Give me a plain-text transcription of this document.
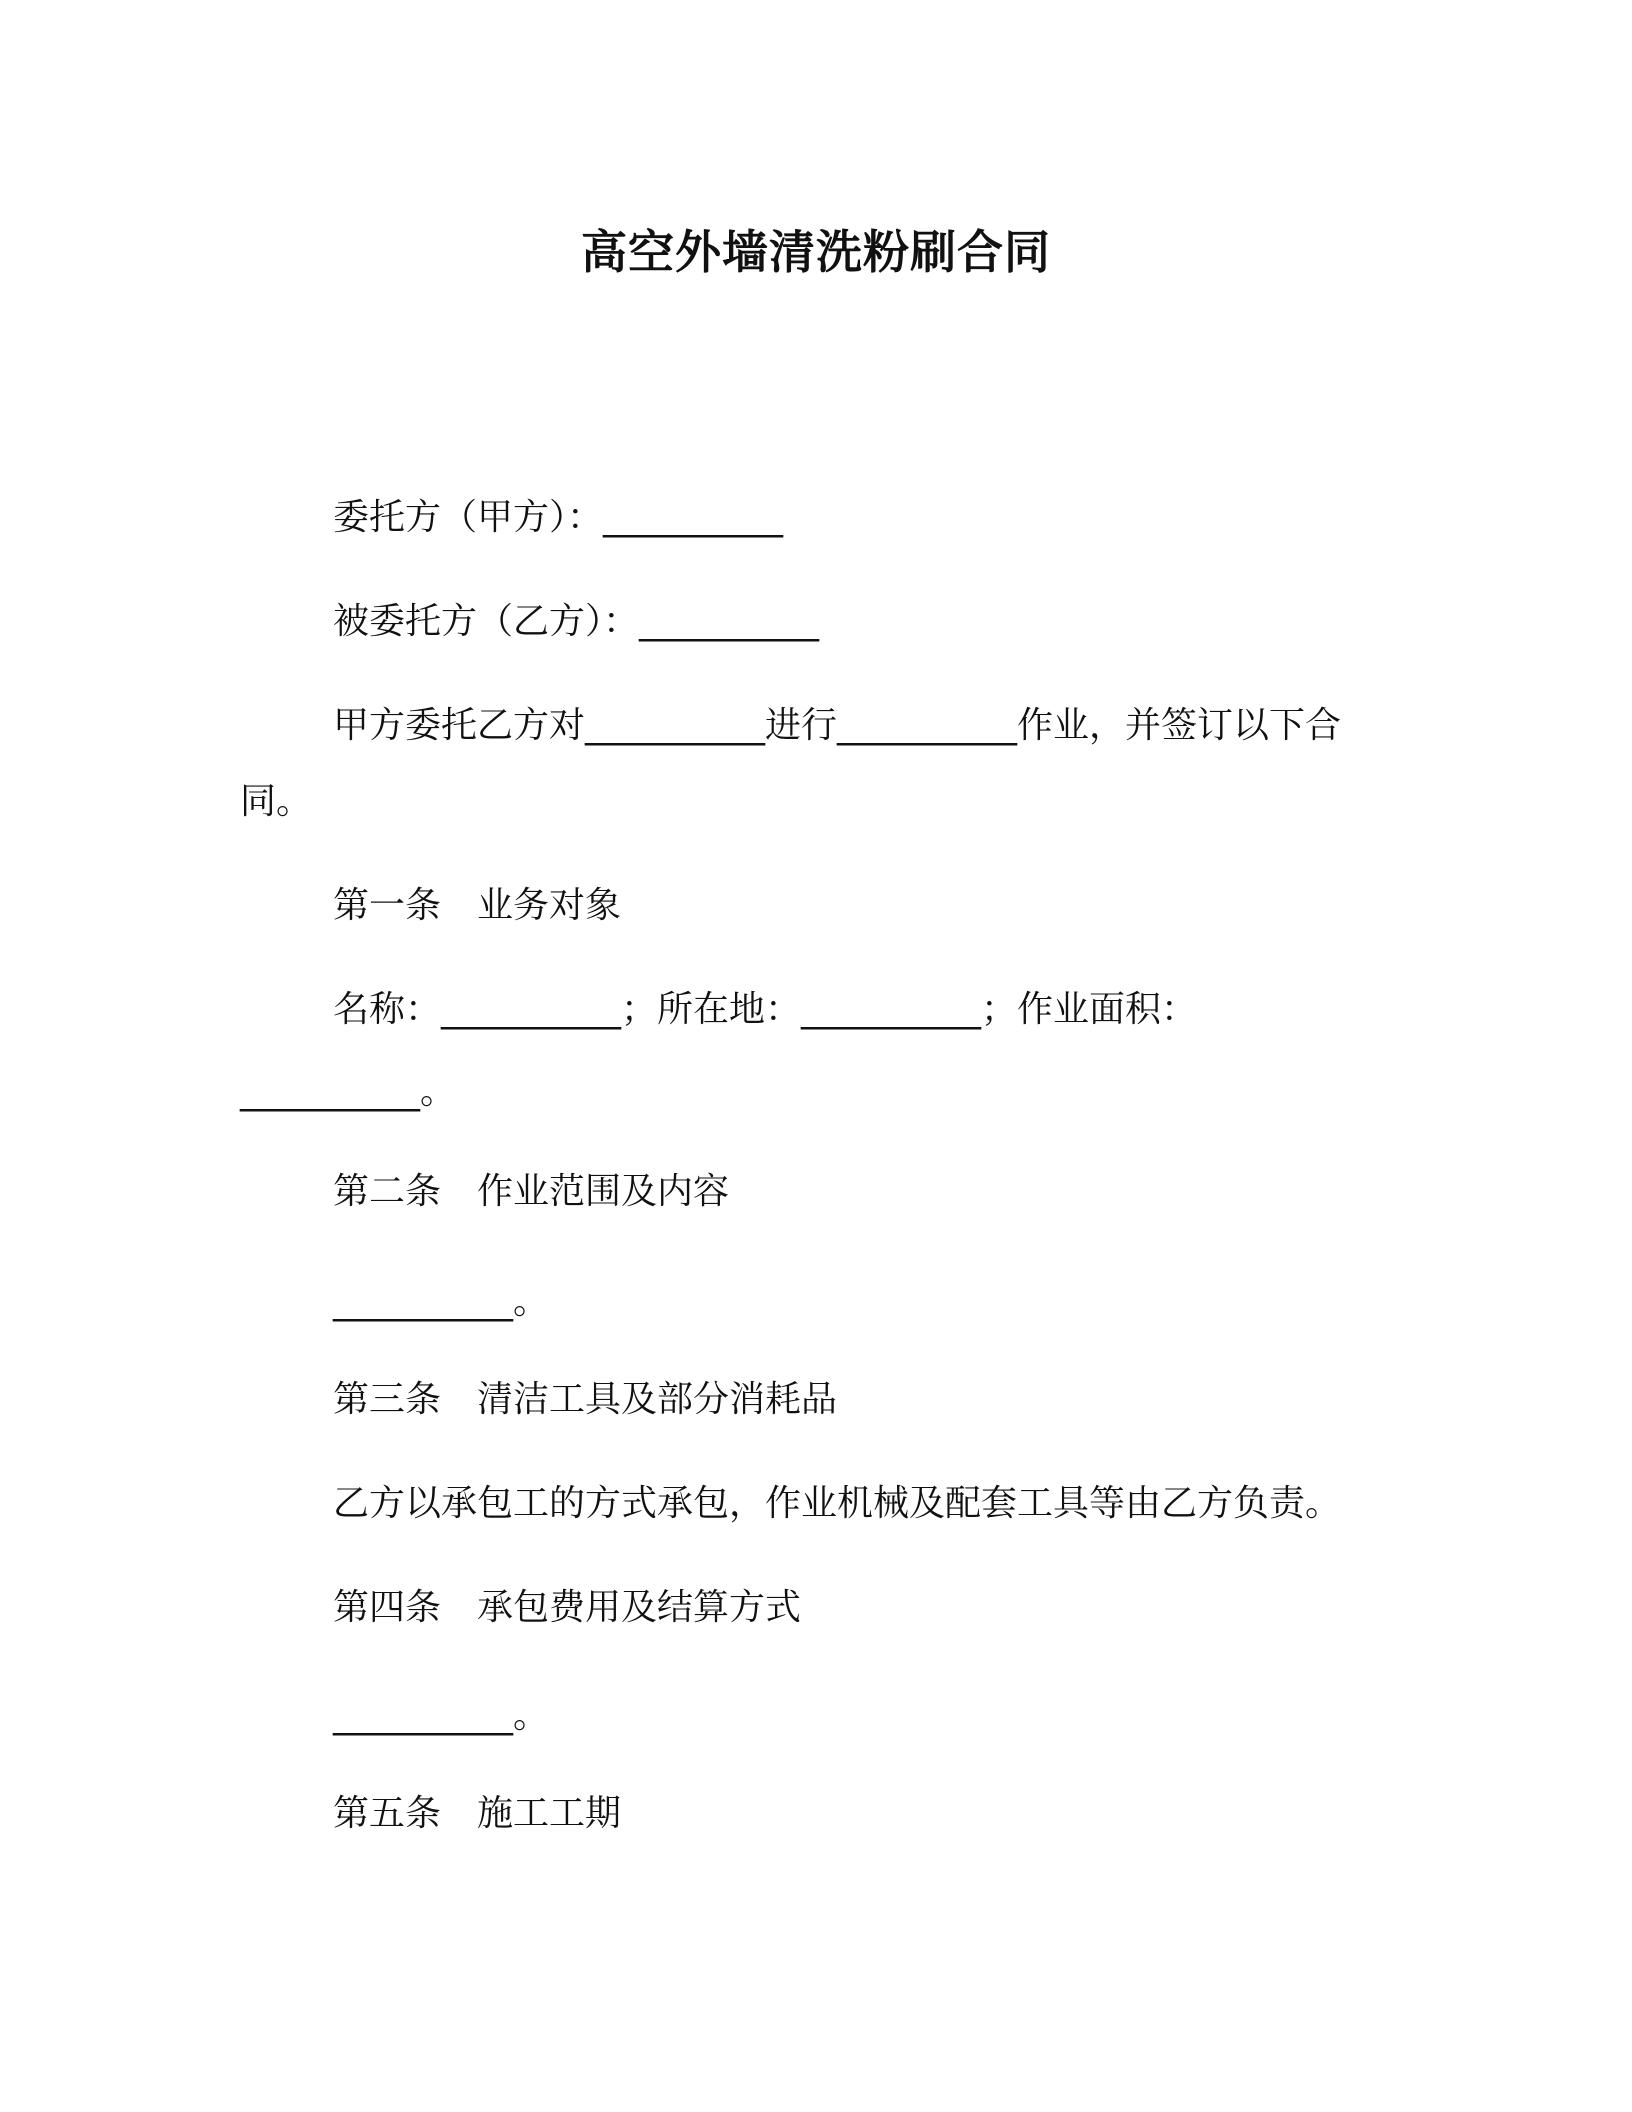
高空外墙清洗粉刷合同
委托方（甲方）：__________
被委托方（乙方）：__________
甲方委托乙方对__________进行__________作业，并签订以下合
同。
第一条　业务对象
名称：__________；所在地：__________；作业面积：
__________。
第二条　作业范围及内容
__________。
第三条　清洁工具及部分消耗品
乙方以承包工的方式承包，作业机械及配套工具等由乙方负责。
第四条　承包费用及结算方式
__________。
第五条　施工工期
